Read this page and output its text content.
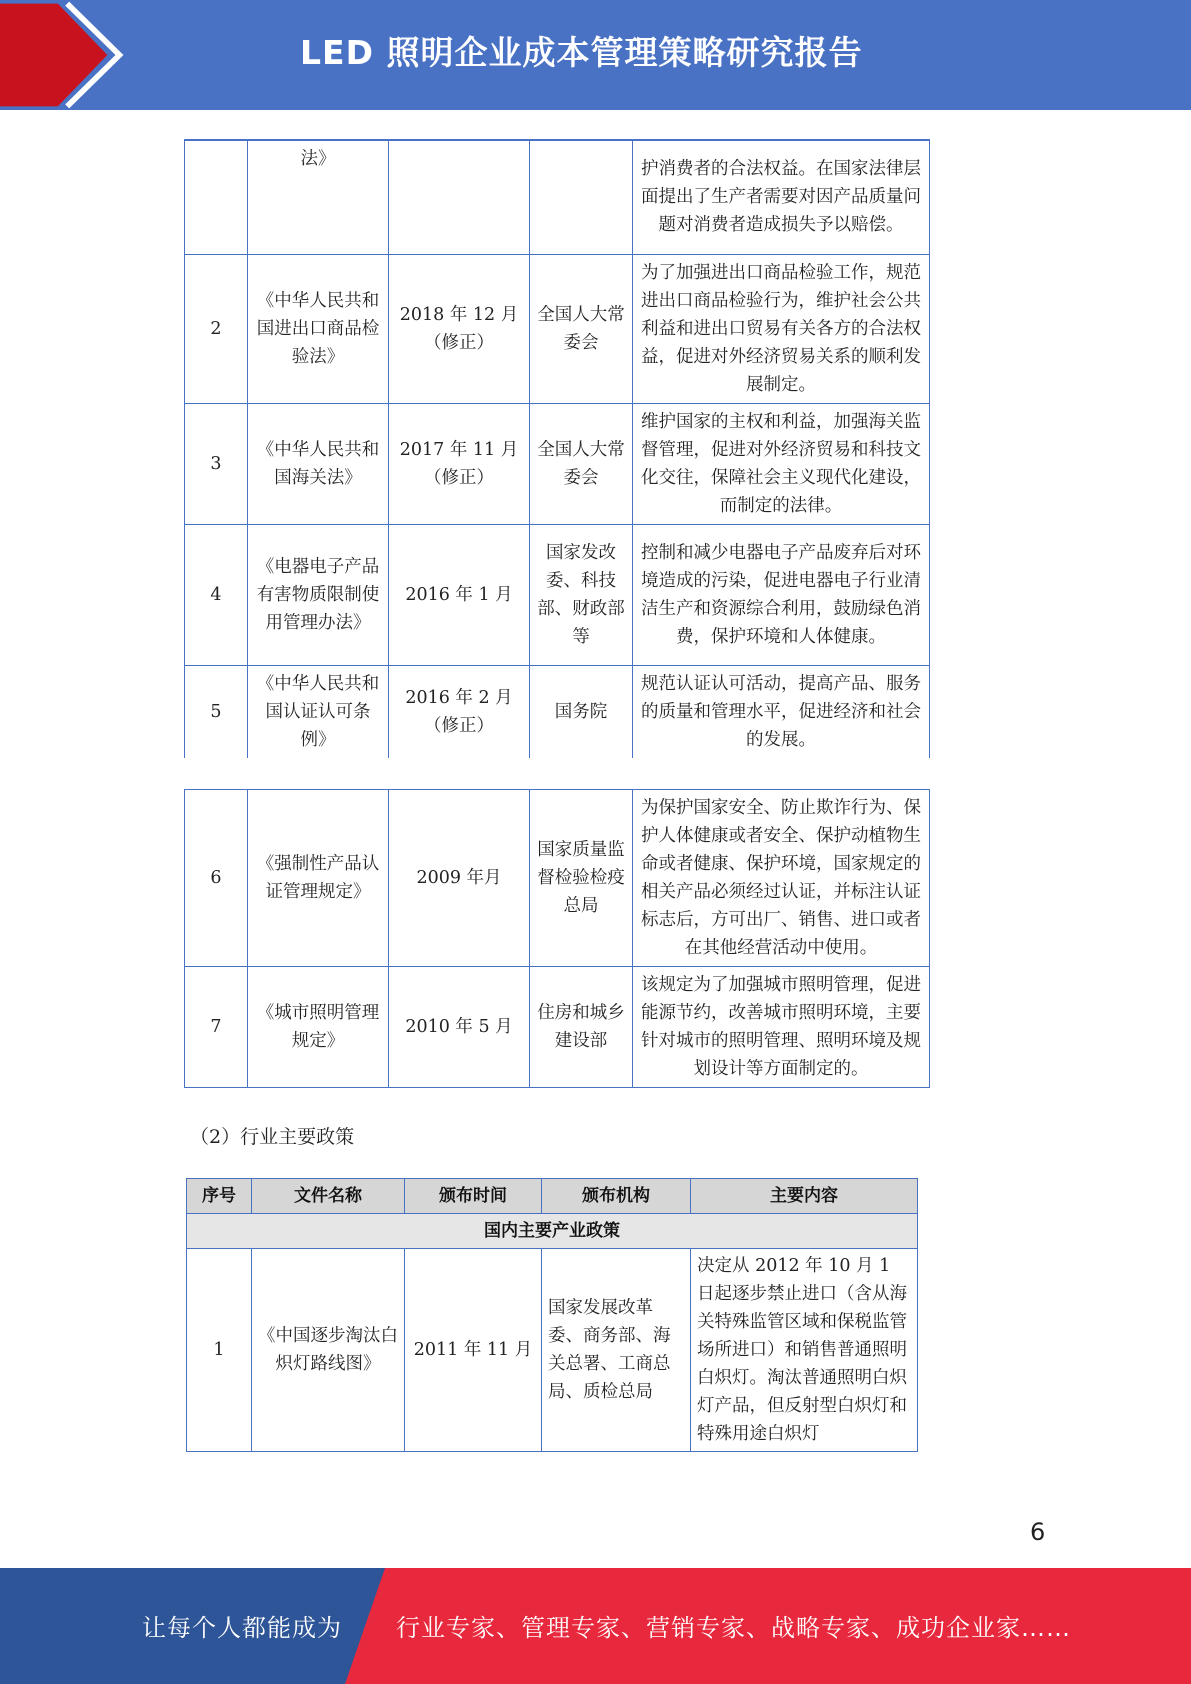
LED 照明企业成本管理策略研究报告
	法》			护消费者的合法权益。在国家法律层面提出了生产者需要对因产品质量问题对消费者造成损失予以赔偿。
2	《中华人民共和国进出口商品检验法》	2018 年 12 月（修正）	全国人大常委会	为了加强进出口商品检验工作，规范进出口商品检验行为，维护社会公共利益和进出口贸易有关各方的合法权益，促进对外经济贸易关系的顺利发展制定。
3	《中华人民共和国海关法》	2017 年 11 月（修正）	全国人大常委会	维护国家的主权和利益，加强海关监督管理，促进对外经济贸易和科技文化交往，保障社会主义现代化建设，而制定的法律。
4	《电器电子产品有害物质限制使用管理办法》	2016 年 1 月	国家发改委、科技部、财政部等	控制和减少电器电子产品废弃后对环境造成的污染，促进电器电子行业清洁生产和资源综合利用，鼓励绿色消费，保护环境和人体健康。
5	《中华人民共和国认证认可条例》	2016 年 2 月（修正）	国务院	规范认证认可活动，提高产品、服务的质量和管理水平，促进经济和社会的发展。
6	《强制性产品认证管理规定》	2009 年月	国家质量监督检验检疫总局	为保护国家安全、防止欺诈行为、保护人体健康或者安全、保护动植物生命或者健康、保护环境，国家规定的相关产品必须经过认证，并标注认证标志后，方可出厂、销售、进口或者在其他经营活动中使用。
7	《城市照明管理规定》	2010 年 5 月	住房和城乡建设部	该规定为了加强城市照明管理，促进能源节约，改善城市照明环境，主要针对城市的照明管理、照明环境及规划设计等方面制定的。
（2）行业主要政策
序号	文件名称	颁布时间	颁布机构	主要内容
国内主要产业政策				
1	《中国逐步淘汰白炽灯路线图》	2011 年 11 月	国家发展改革委、商务部、海关总署、工商总局、质检总局	决定从 2012 年 10 月 1 日起逐步禁止进口（含从海关特殊监管区域和保税监管场所进口）和销售普通照明白炽灯。淘汰普通照明白炽灯产品，但反射型白炽灯和特殊用途白炽灯
6
让每个人都能成为 行业专家、管理专家、营销专家、战略专家、成功企业家……
